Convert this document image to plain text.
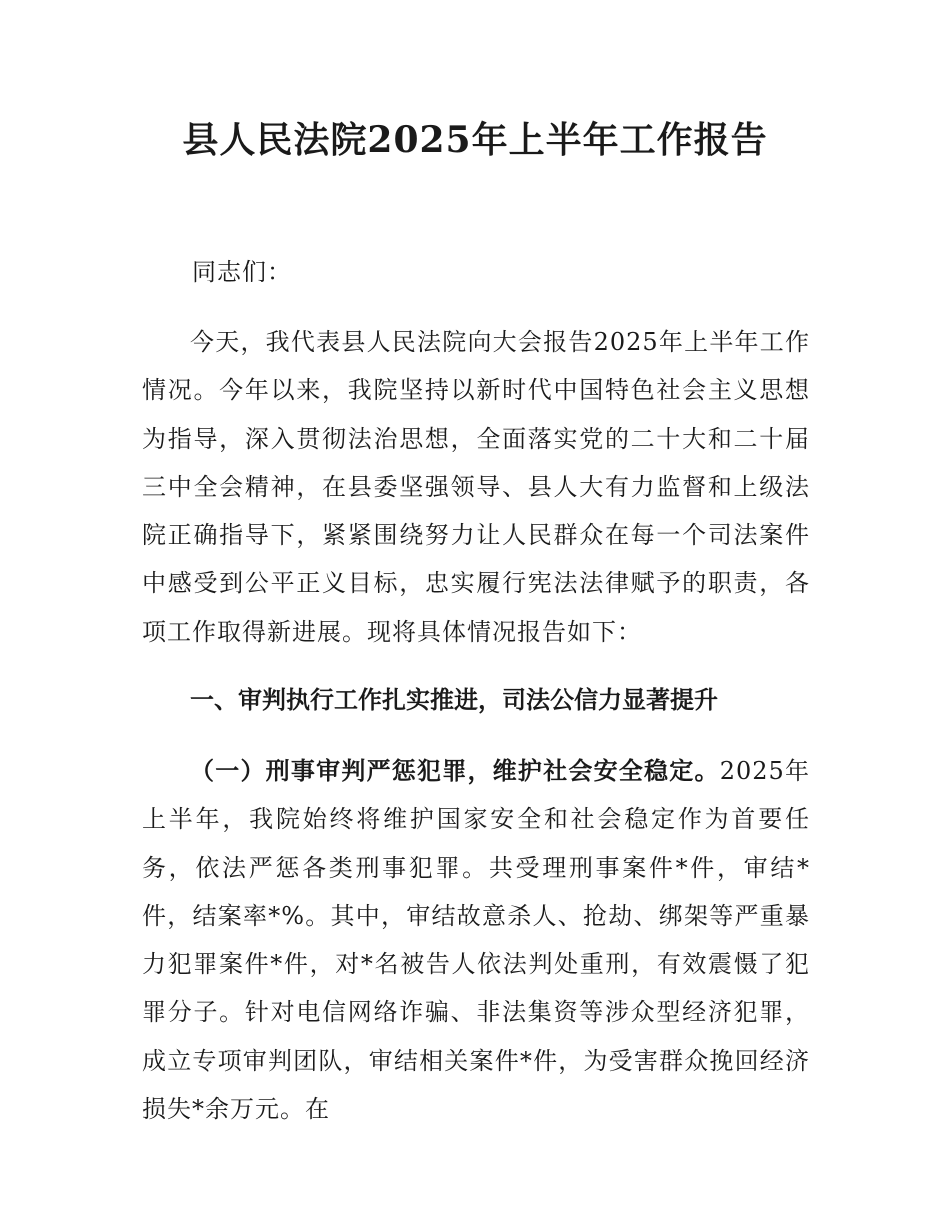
县人民法院2025年上半年工作报告
同志们：

今天，我代表县人民法院向大会报告2025年上半年工作情况。今年以来，我院坚持以新时代中国特色社会主义思想为指导，深入贯彻法治思想，全面落实党的二十大和二十届三中全会精神，在县委坚强领导、县人大有力监督和上级法院正确指导下，紧紧围绕努力让人民群众在每一个司法案件中感受到公平正义目标，忠实履行宪法法律赋予的职责，各项工作取得新进展。现将具体情况报告如下：

一、审判执行工作扎实推进，司法公信力显著提升

（一）刑事审判严惩犯罪，维护社会安全稳定。2025年上半年，我院始终将维护国家安全和社会稳定作为首要任务，依法严惩各类刑事犯罪。共受理刑事案件*件，审结*件，结案率*%。其中，审结故意杀人、抢劫、绑架等严重暴力犯罪案件*件，对*名被告人依法判处重刑，有效震慑了犯罪分子。针对电信网络诈骗、非法集资等涉众型经济犯罪，成立专项审判团队，审结相关案件*件，为受害群众挽回经济损失*余万元。在
